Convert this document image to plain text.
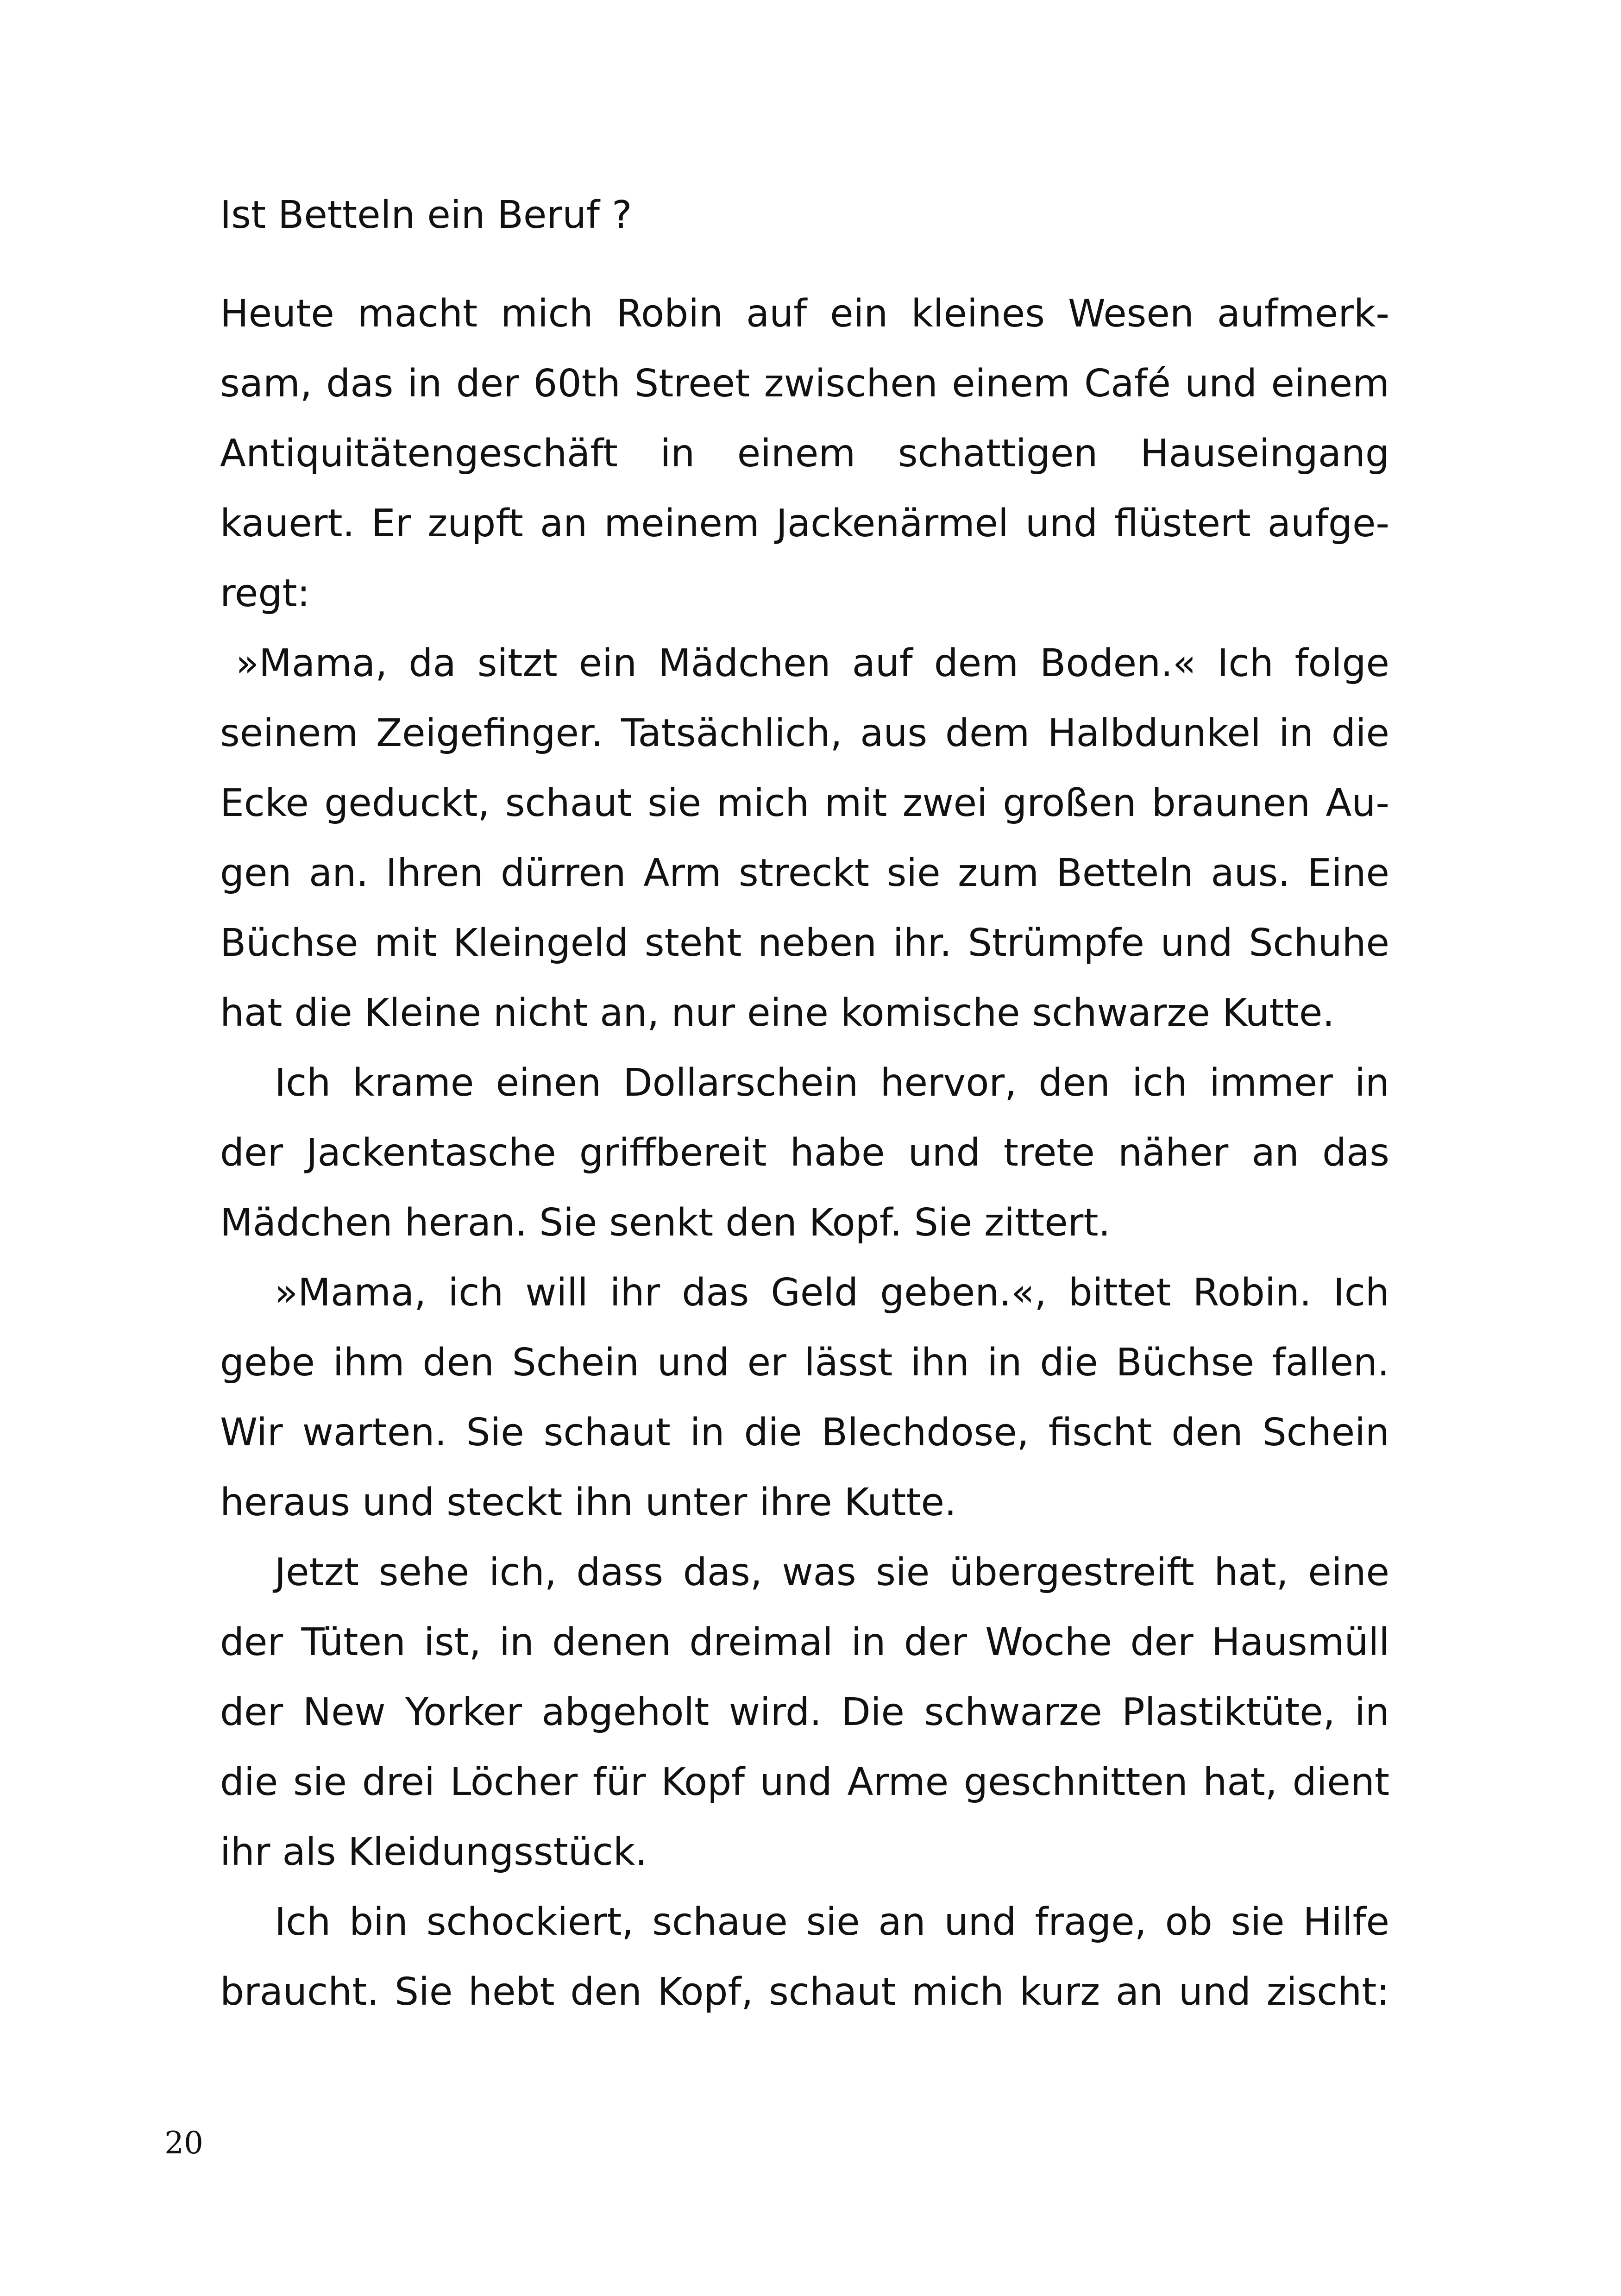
Ist Betteln ein Beruf ?
Heute macht mich Robin auf ein kleines Wesen aufmerk-
sam, das in der 60th Street zwischen einem Café und einem
Antiquitätengeschäft in einem schattigen Hauseingang
kauert. Er zupft an meinem Jackenärmel und flüstert aufge-
regt:
»Mama, da sitzt ein Mädchen auf dem Boden.« Ich folge
seinem Zeigefinger. Tatsächlich, aus dem Halbdunkel in die
Ecke geduckt, schaut sie mich mit zwei großen braunen Au-
gen an. Ihren dürren Arm streckt sie zum Betteln aus. Eine
Büchse mit Kleingeld steht neben ihr. Strümpfe und Schuhe
hat die Kleine nicht an, nur eine komische schwarze Kutte.
Ich krame einen Dollarschein hervor, den ich immer in
der Jackentasche griffbereit habe und trete näher an das
Mädchen heran. Sie senkt den Kopf. Sie zittert.
»Mama, ich will ihr das Geld geben.«, bittet Robin. Ich
gebe ihm den Schein und er lässt ihn in die Büchse fallen.
Wir warten. Sie schaut in die Blechdose, fischt den Schein
heraus und steckt ihn unter ihre Kutte.
Jetzt sehe ich, dass das, was sie übergestreift hat, eine
der Tüten ist, in denen dreimal in der Woche der Hausmüll
der New Yorker abgeholt wird. Die schwarze Plastiktüte, in
die sie drei Löcher für Kopf und Arme geschnitten hat, dient
ihr als Kleidungsstück.
Ich bin schockiert, schaue sie an und frage, ob sie Hilfe
braucht. Sie hebt den Kopf, schaut mich kurz an und zischt:
20
